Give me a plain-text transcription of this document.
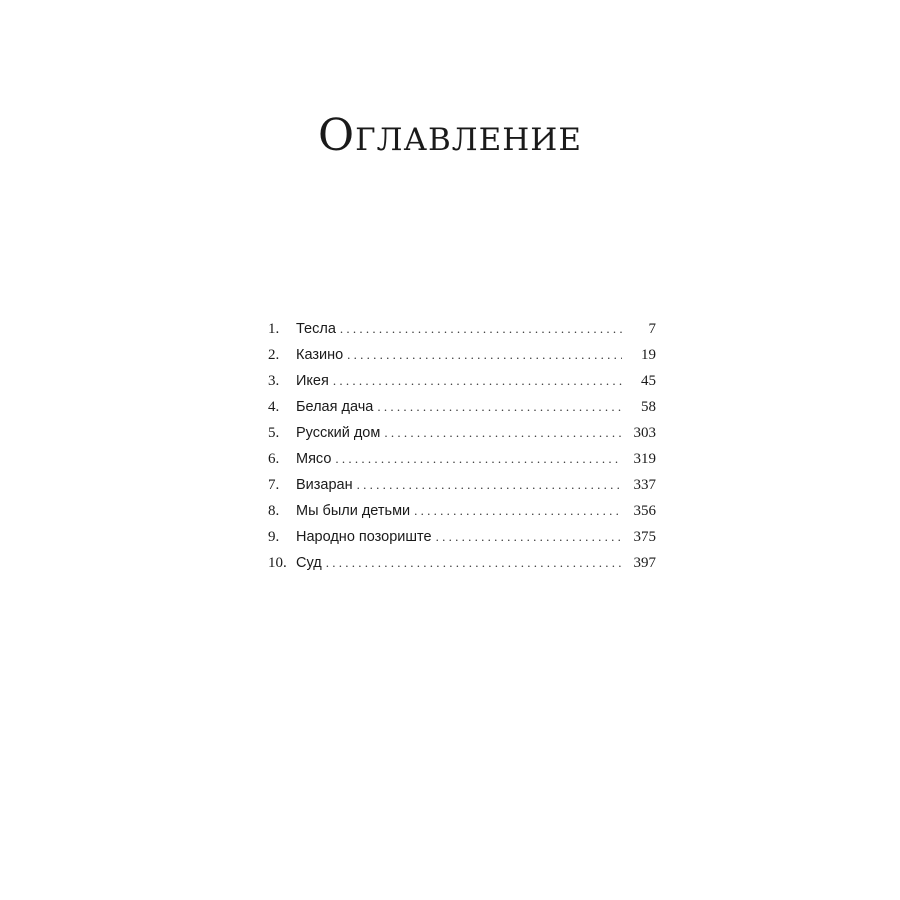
Оглавление
1.	Тесла . . .	7
2.	Казино . . .	19
3.	Икея . . .	45
4.	Белая дача . . .	58
5.	Русский дом . . .	303
6.	Мясо . . .	319
7.	Визаран . . .	337
8.	Мы были детьми . . .	356
9.	Народно позориште . . .	375
10. Суд . . .	397
